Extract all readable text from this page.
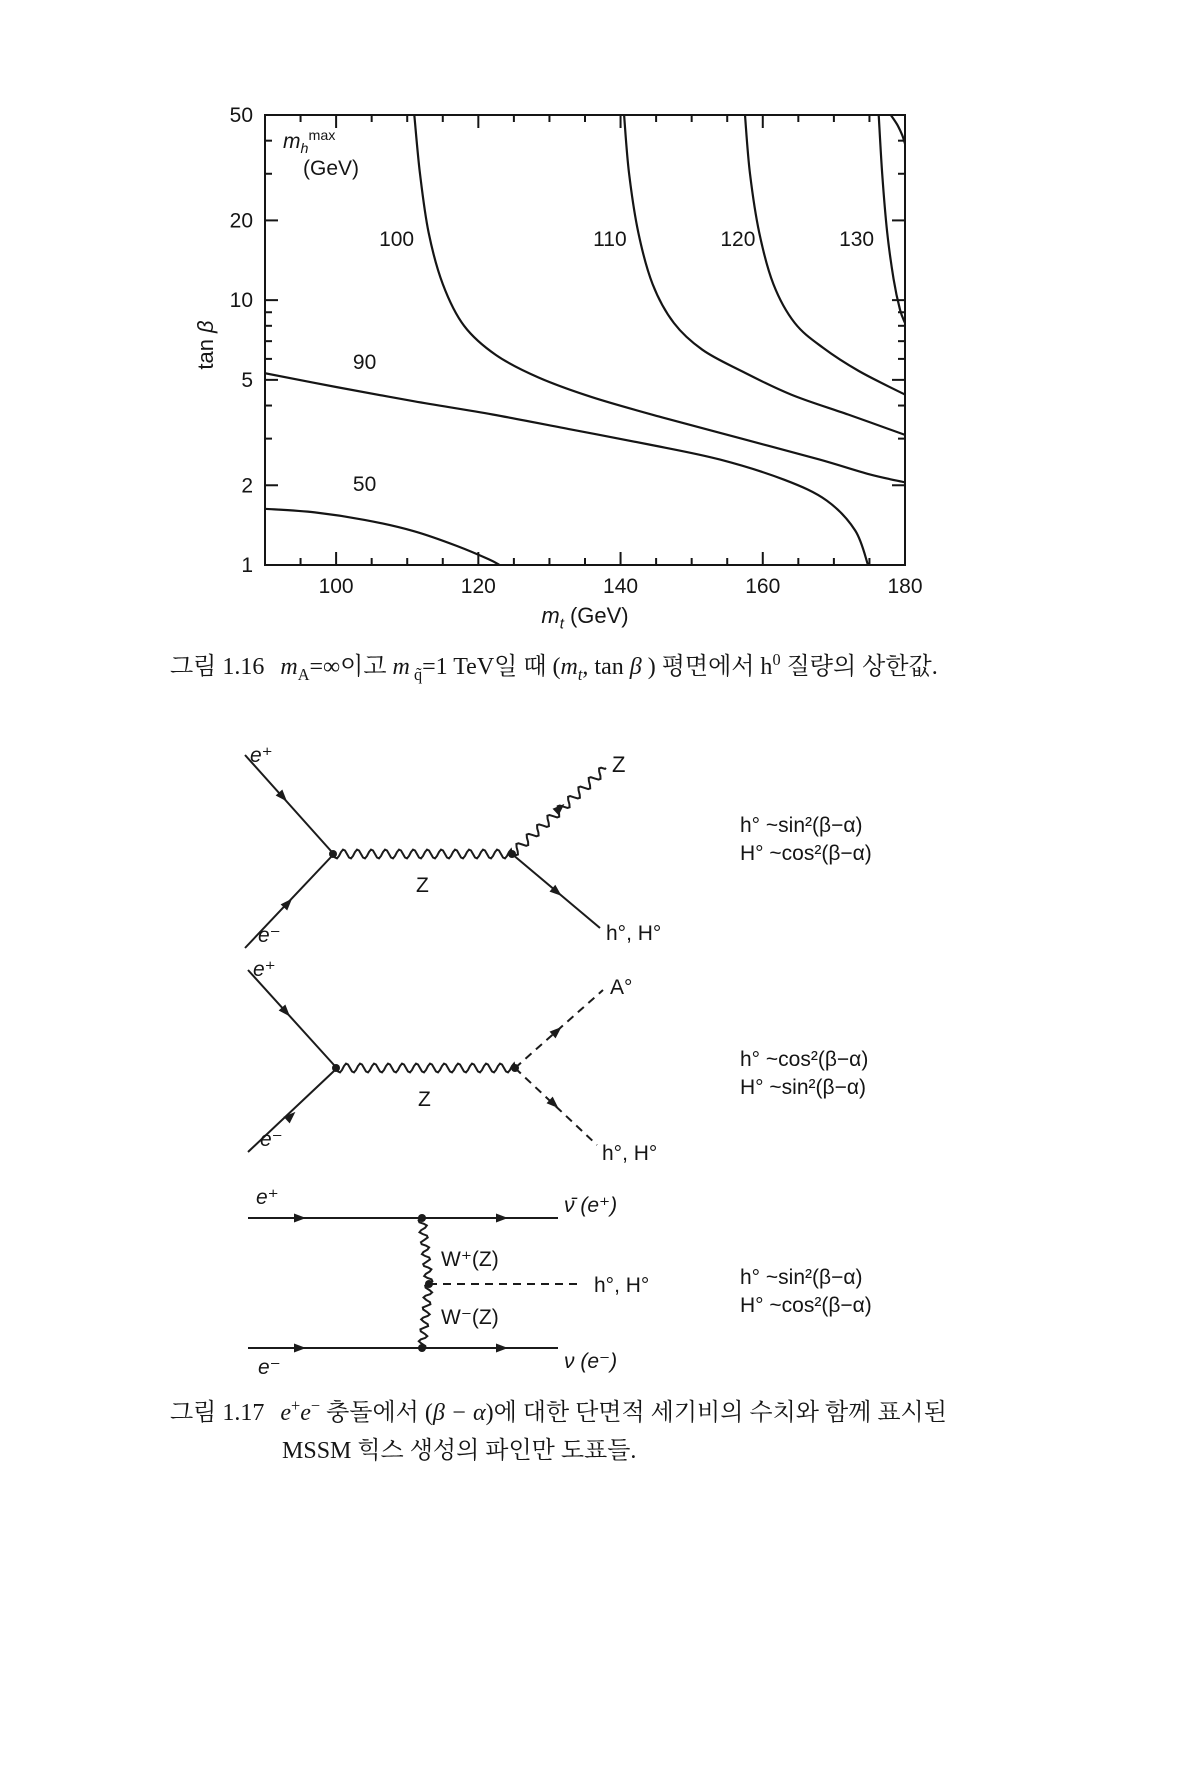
100	120	140	160	180
1
2
5
10
20
50
50
90
100	110	120	130
$m_h^{max}$
(GeV)
tan β
$m_t$ (GeV)
그림 1.16 $m_A=\infty$이고 m $_{q̃}$=1 TeV일 때 ($m_t$, tan β ) 평면에서 $h^0$ 질량의 상한값.
e⁺
e⁻
Z
Z
h°, H°
h° ~sin²(β−α)
H° ~cos²(β−α)
e⁺
e⁻
Z
A°
h°, H°
h° ~cos²(β−α)
H° ~sin²(β−α)
e⁺	ν̄ (e⁺)
W⁺(Z)
h°, H°
W⁻(Z)
e⁻	ν (e⁻)
h° ~sin²(β−α)
H° ~cos²(β−α)
그림 1.17 e+e− 충돌에서 (β − α)에 대한 단면적 세기비의 수치와 함께 표시된
MSSM 힉스 생성의 파인만 도표들.
